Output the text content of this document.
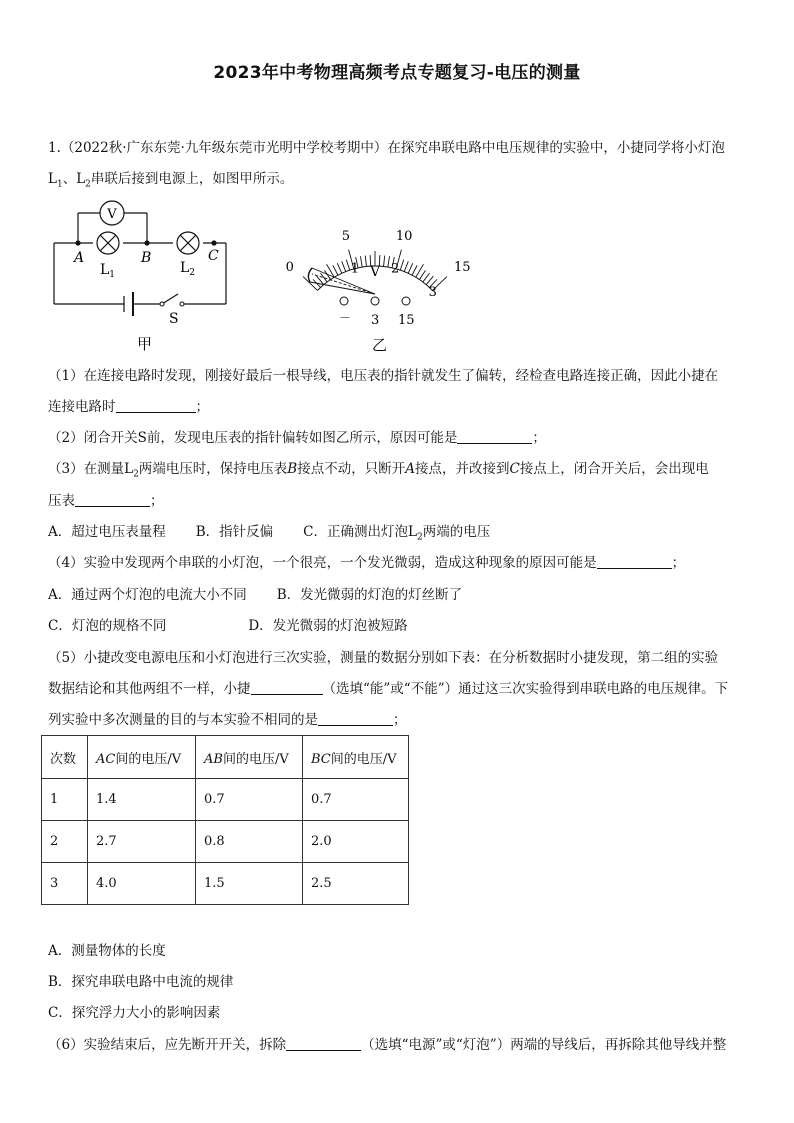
2023年中考物理高频考点专题复习-电压的测量
1.（2022秋·广东东莞·九年级东莞市光明中学校考期中）在探究串联电路中电压规律的实验中，小捷同学将小灯泡
$L_1$、$L_2$串联后接到电源上，如图甲所示。
V
A	B	C
$L_1$	$L_2$
S
甲
0
5	10
15
1 2
3
V
－ 3 15
乙
（1）在连接电路时发现，刚接好最后一根导线，电压表的指针就发生了偏转，经检查电路连接正确，因此小捷在
连接电路时	；
（2）闭合开关S前，发现电压表的指针偏转如图乙所示，原因可能是	；
（3）在测量$L_2$两端电压时，保持电压表B接点不动，只断开A接点，并改接到C接点上，闭合开关后，会出现电
压表	；
A．超过电压表量程 B．指针反偏 C．正确测出灯泡$L_2$两端的电压
（4）实验中发现两个串联的小灯泡，一个很亮，一个发光微弱，造成这种现象的原因可能是	；
A．通过两个灯泡的电流大小不同 B．发光微弱的灯泡的灯丝断了
C．灯泡的规格不同	D．发光微弱的灯泡被短路
（5）小捷改变电源电压和小灯泡进行三次实验，测量的数据分别如下表：在分析数据时小捷发现，第二组的实验
数据结论和其他两组不一样，小捷	（选填“能”或“不能”）通过这三次实验得到串联电路的电压规律。下
列实验中多次测量的目的与本实验不相同的是	；
次数	AC间的电压/V	AB间的电压/V	BC间的电压/V
1	1.4	0.7	0.7
2	2.7	0.8	2.0
3	4.0	1.5	2.5
A．测量物体的长度
B．探究串联电路中电流的规律
C．探究浮力大小的影响因素
（6）实验结束后，应先断开开关，拆除	（选填“电源”或“灯泡”）两端的导线后，再拆除其他导线并整
